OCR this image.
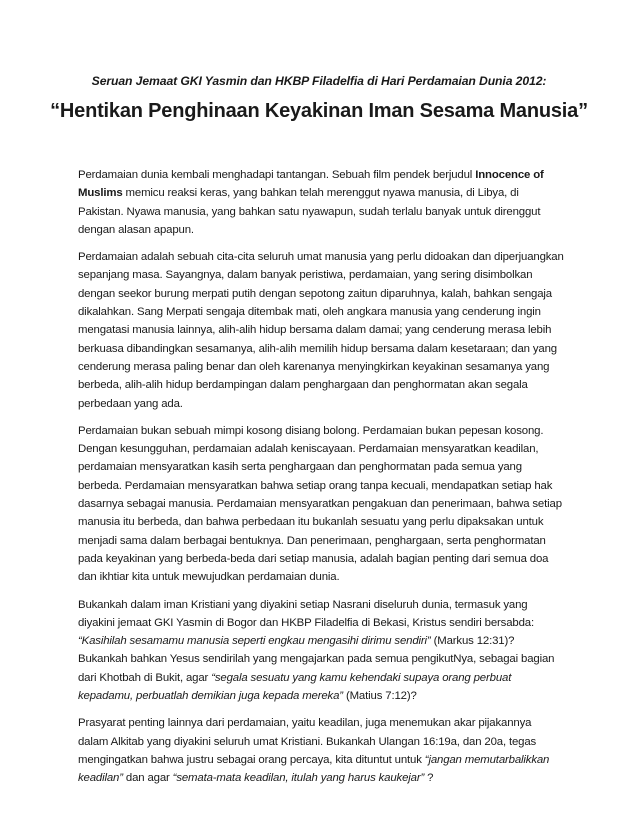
Seruan Jemaat GKI Yasmin dan HKBP Filadelfia di Hari Perdamaian Dunia 2012:
“Hentikan Penghinaan Keyakinan Iman Sesama Manusia”

Perdamaian dunia kembali menghadapi tantangan. Sebuah film pendek berjudul Innocence of Muslims memicu reaksi keras, yang bahkan telah merenggut nyawa manusia, di Libya, di Pakistan. Nyawa manusia, yang bahkan satu nyawapun, sudah terlalu banyak untuk direnggut dengan alasan apapun.

Perdamaian adalah sebuah cita-cita seluruh umat manusia yang perlu didoakan dan diperjuangkan sepanjang masa. Sayangnya, dalam banyak peristiwa, perdamaian, yang sering disimbolkan dengan seekor burung merpati putih dengan sepotong zaitun diparuhnya, kalah, bahkan sengaja dikalahkan. Sang Merpati sengaja ditembak mati, oleh angkara manusia yang cenderung ingin mengatasi manusia lainnya, alih-alih hidup bersama dalam damai; yang cenderung merasa lebih berkuasa dibandingkan sesamanya, alih-alih memilih hidup bersama dalam kesetaraan; dan yang cenderung merasa paling benar dan oleh karenanya menyingkirkan keyakinan sesamanya yang berbeda, alih-alih hidup berdampingan dalam penghargaan dan penghormatan akan segala perbedaan yang ada.

Perdamaian bukan sebuah mimpi kosong disiang bolong. Perdamaian bukan pepesan kosong. Dengan kesungguhan, perdamaian adalah keniscayaan. Perdamaian mensyaratkan keadilan, perdamaian mensyaratkan kasih serta penghargaan dan penghormatan pada semua yang berbeda. Perdamaian mensyaratkan bahwa setiap orang tanpa kecuali, mendapatkan setiap hak dasarnya sebagai manusia. Perdamaian mensyaratkan pengakuan dan penerimaan, bahwa setiap manusia itu berbeda, dan bahwa perbedaan itu bukanlah sesuatu yang perlu dipaksakan untuk menjadi sama dalam berbagai bentuknya. Dan penerimaan, penghargaan, serta penghormatan pada keyakinan yang berbeda-beda dari setiap manusia, adalah bagian penting dari semua doa dan ikhtiar kita untuk mewujudkan perdamaian dunia.

Bukankah dalam iman Kristiani yang diyakini setiap Nasrani diseluruh dunia, termasuk yang diyakini jemaat GKI Yasmin di Bogor dan HKBP Filadelfia di Bekasi, Kristus sendiri bersabda: “Kasihilah sesamamu manusia seperti engkau mengasihi dirimu sendiri” (Markus 12:31)? Bukankah bahkan Yesus sendirilah yang mengajarkan pada semua pengikutNya, sebagai bagian dari Khotbah di Bukit, agar “segala sesuatu yang kamu kehendaki supaya orang perbuat kepadamu, perbuatlah demikian juga kepada mereka” (Matius 7:12)?

Prasyarat penting lainnya dari perdamaian, yaitu keadilan, juga menemukan akar pijakannya dalam Alkitab yang diyakini seluruh umat Kristiani. Bukankah Ulangan 16:19a, dan 20a, tegas mengingatkan bahwa justru sebagai orang percaya, kita dituntut untuk “jangan memutarbalikkan keadilan” dan agar “semata-mata keadilan, itulah yang harus kaukejar” ?
